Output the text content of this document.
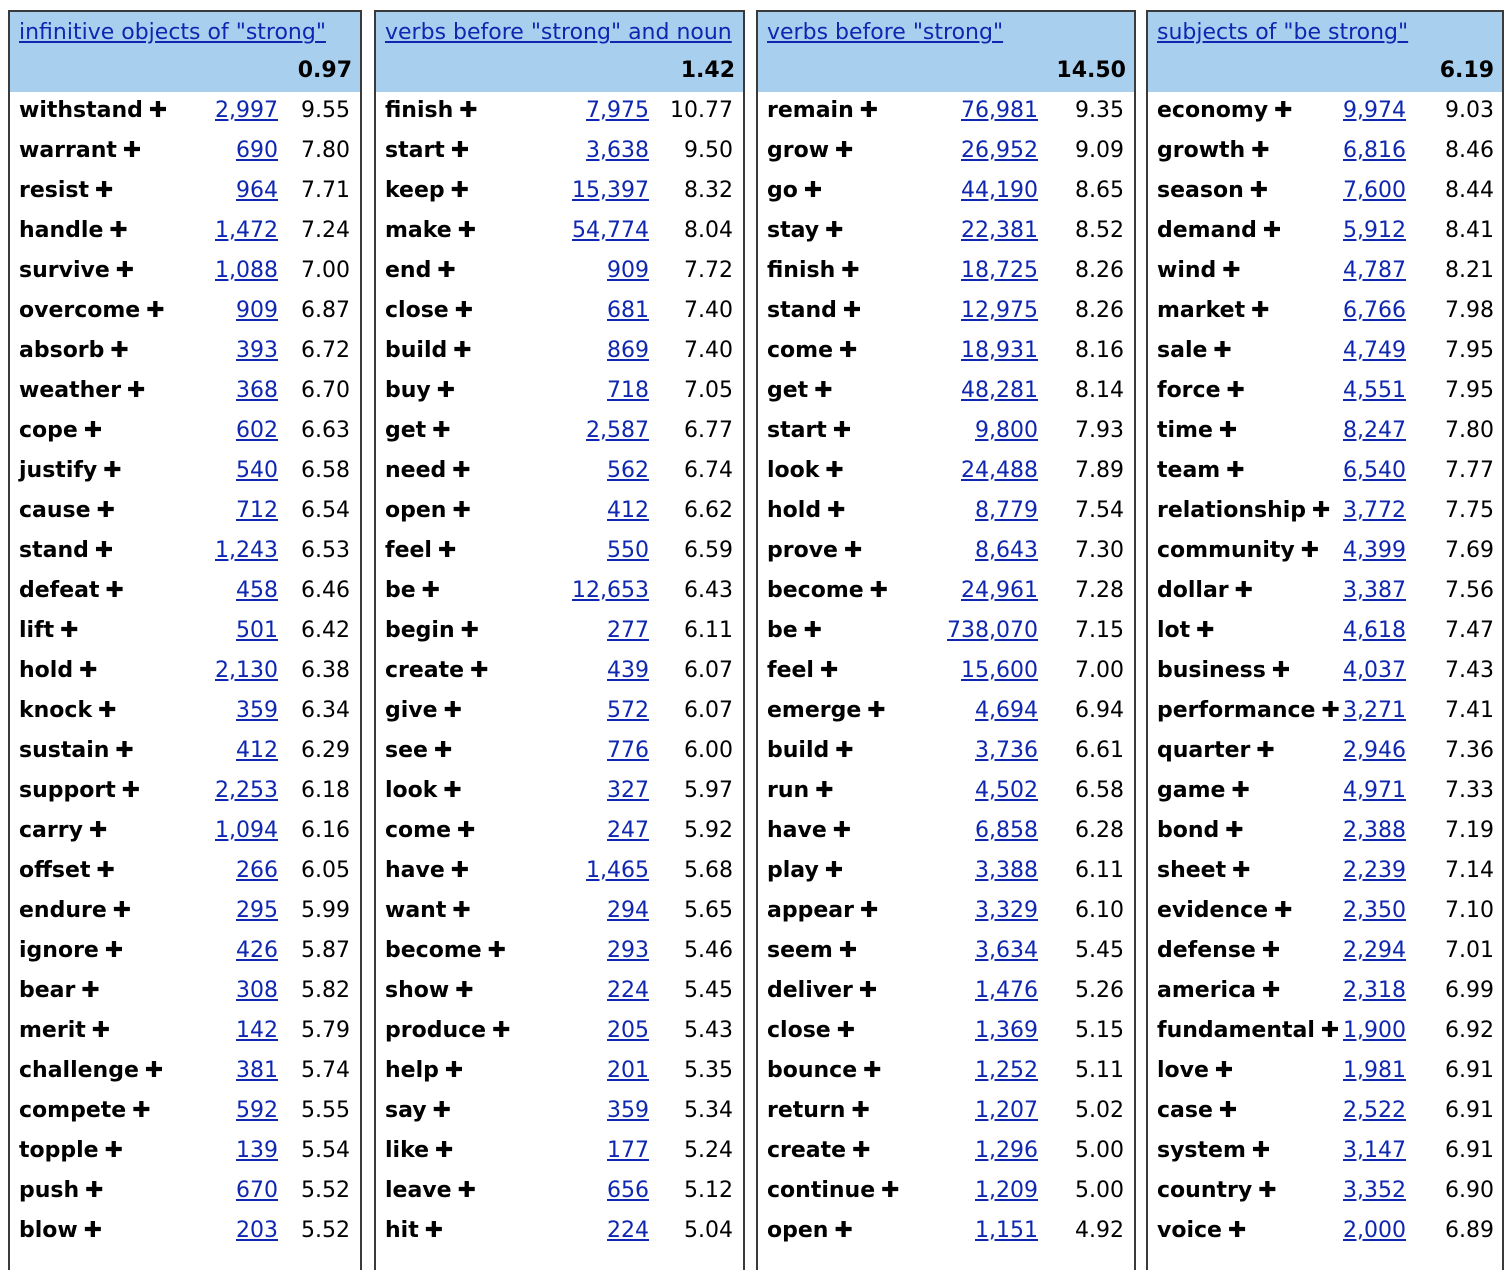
infinitive objects of "strong"
0.97
withstand ✚ 2,997 9.55
warrant ✚	690 7.80
resist ✚	964 7.71
handle ✚	1,472 7.24
survive ✚	1,088 7.00
overcome ✚	909 6.87
absorb ✚	393 6.72
weather ✚	368 6.70
cope ✚	602 6.63
justify ✚	540 6.58
cause ✚	712 6.54
stand ✚	1,243 6.53
defeat ✚	458 6.46
lift ✚	501 6.42
hold ✚	2,130 6.38
knock ✚	359 6.34
sustain ✚	412 6.29
support ✚	2,253 6.18
carry ✚	1,094 6.16
offset ✚	266 6.05
endure ✚	295 5.99
ignore ✚	426 5.87
bear ✚	308 5.82
merit ✚	142 5.79
challenge ✚	381 5.74
compete ✚	592 5.55
topple ✚	139 5.54
push ✚	670 5.52
blow ✚	203 5.52
verbs before "strong" and noun
1.42
finish ✚	7,975 10.77
start ✚	3,638 9.50
keep ✚	15,397 8.32
make ✚	54,774 8.04
end ✚	909 7.72
close ✚	681 7.40
build ✚	869 7.40
buy ✚	718 7.05
get ✚	2,587 6.77
need ✚	562 6.74
open ✚	412 6.62
feel ✚	550 6.59
be ✚	12,653 6.43
begin ✚	277 6.11
create ✚	439 6.07
give ✚	572 6.07
see ✚	776 6.00
look ✚	327 5.97
come ✚	247 5.92
have ✚	1,465 5.68
want ✚	294 5.65
become ✚	293 5.46
show ✚	224 5.45
produce ✚	205 5.43
help ✚	201 5.35
say ✚	359 5.34
like ✚	177 5.24
leave ✚	656 5.12
hit ✚	224 5.04
verbs before "strong"
14.50
remain ✚	76,981 9.35
grow ✚	26,952 9.09
go ✚	44,190 8.65
stay ✚	22,381 8.52
finish ✚	18,725 8.26
stand ✚	12,975 8.26
come ✚	18,931 8.16
get ✚	48,281 8.14
start ✚	9,800 7.93
look ✚	24,488 7.89
hold ✚	8,779 7.54
prove ✚	8,643 7.30
become ✚	24,961 7.28
be ✚	738,070 7.15
feel ✚	15,600 7.00
emerge ✚	4,694 6.94
build ✚	3,736 6.61
run ✚	4,502 6.58
have ✚	6,858 6.28
play ✚	3,388 6.11
appear ✚	3,329 6.10
seem ✚	3,634 5.45
deliver ✚	1,476 5.26
close ✚	1,369 5.15
bounce ✚	1,252 5.11
return ✚	1,207 5.02
create ✚	1,296 5.00
continue ✚	1,209 5.00
open ✚	1,151 4.92
subjects of "be strong"
6.19
economy ✚ 9,974 9.03
growth ✚	6,816 8.46
season ✚	7,600 8.44
demand ✚	5,912 8.41
wind ✚	4,787 8.21
market ✚	6,766 7.98
sale ✚	4,749 7.95
force ✚	4,551 7.95
time ✚	8,247 7.80
team ✚	6,540 7.77
relationship ✚ 3,772 7.75
community ✚ 4,399 7.69
dollar ✚	3,387 7.56
lot ✚	4,618 7.47
business ✚ 4,037 7.43
performance ✚ 3,271 7.41
quarter ✚	2,946 7.36
game ✚	4,971 7.33
bond ✚	2,388 7.19
sheet ✚	2,239 7.14
evidence ✚ 2,350 7.10
defense ✚	2,294 7.01
america ✚	2,318 6.99
fundamental ✚ 1,900 6.92
love ✚	1,981 6.91
case ✚	2,522 6.91
system ✚	3,147 6.91
country ✚	3,352 6.90
voice ✚	2,000 6.89
